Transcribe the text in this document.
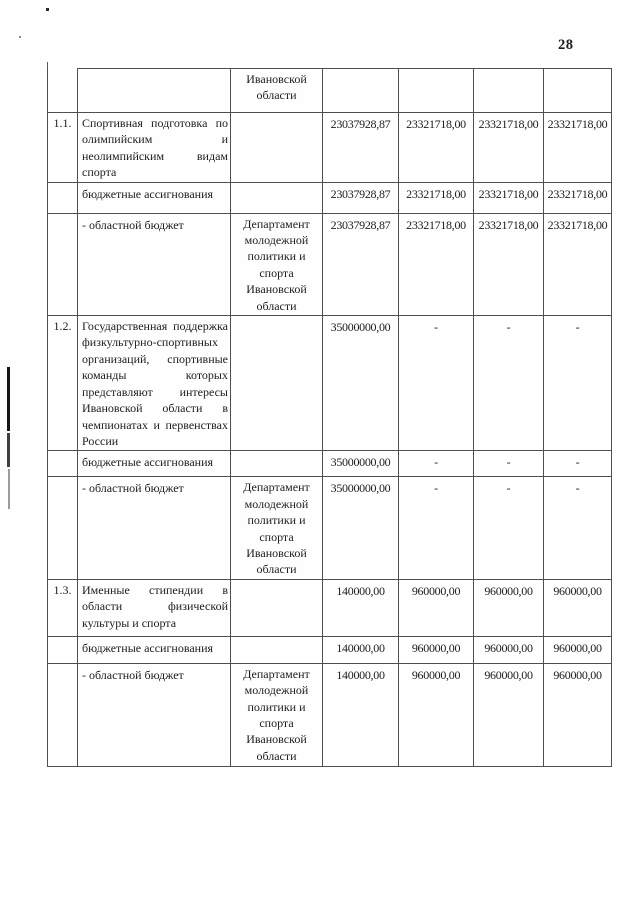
28
		Ивановской области				
1.1.	Спортивная подготовка по олимпийским и неолимпийским видам спорта		23037928,87	23321718,00	23321718,00	23321718,00
	бюджетные ассигнования		23037928,87	23321718,00	23321718,00	23321718,00
	- областной бюджет	Департамент молодежной политики и спорта Ивановской области	23037928,87	23321718,00	23321718,00	23321718,00
1.2.	Государственная поддержка физкультурно-спортивных организаций, спортивные команды которых представляют интересы Ивановской области в чемпионатах и первенствах России		35000000,00	-	-	-
	бюджетные ассигнования		35000000,00	-	-	-
	- областной бюджет	Департамент молодежной политики и спорта Ивановской области	35000000,00	-	-	-
1.3.	Именные стипендии в области физической культуры и спорта		140000,00	960000,00	960000,00	960000,00
	бюджетные ассигнования		140000,00	960000,00	960000,00	960000,00
	- областной бюджет	Департамент молодежной политики и спорта Ивановской области	140000,00	960000,00	960000,00	960000,00
